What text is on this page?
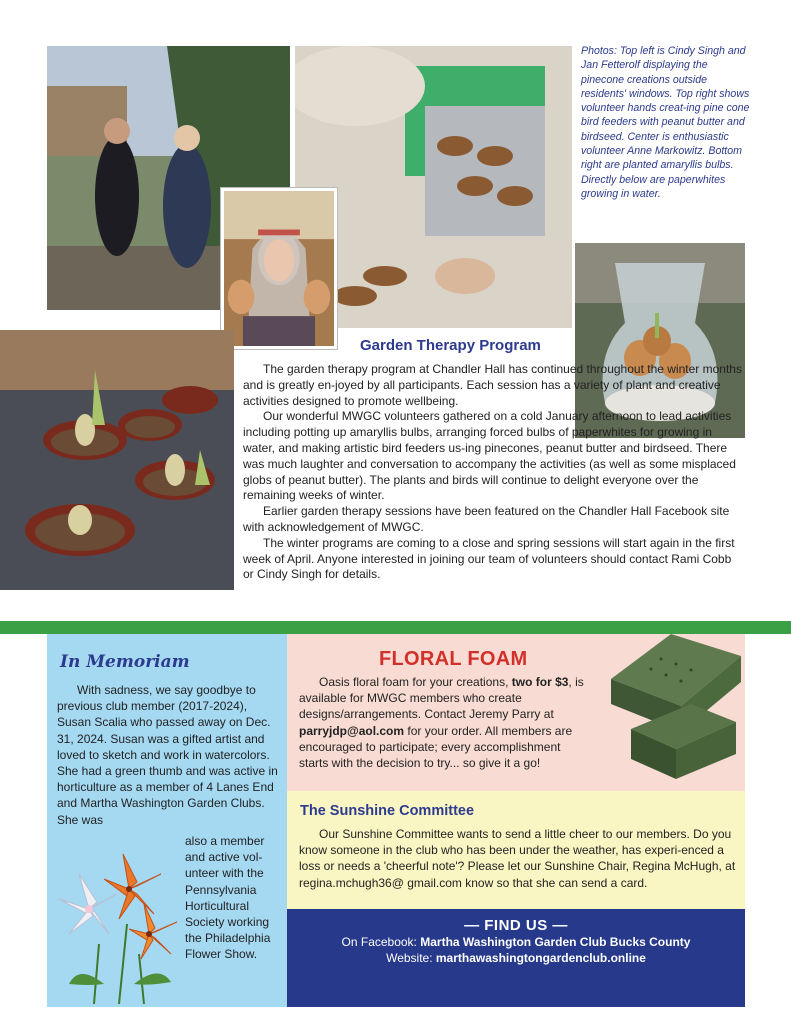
Photos: Top left is Cindy Singh and Jan Fetterolf displaying the pinecone creations outside residents' windows. Top right shows volunteer hands creat-ing pine cone bird feeders with peanut butter and birdseed. Center is enthusiastic volunteer Anne Markowitz. Bottom right are planted amaryllis bulbs. Directly below are paperwhites growing in water.
Garden Therapy Program

The garden therapy program at Chandler Hall has continued throughout the winter months and is greatly en-joyed by all participants. Each session has a variety of plant and creative activities designed to promote wellbeing.

Our wonderful MWGC volunteers gathered on a cold January afternoon to lead activities including potting up amaryllis bulbs, arranging forced bulbs of paperwhites for growing in water, and making artistic bird feeders us-ing pinecones, peanut butter and birdseed. There was much laughter and conversation to accompany the activities (as well as some misplaced globs of peanut butter). The plants and birds will continue to delight everyone over the remaining weeks of winter.

Earlier garden therapy sessions have been featured on the Chandler Hall Facebook site with acknowledgement of MWGC.

The winter programs are coming to a close and spring sessions will start again in the first week of April. Anyone interested in joining our team of volunteers should contact Rami Cobb or Cindy Singh for details.

In Memoriam
With sadness, we say goodbye to previous club member (2017-2024), Susan Scalia who passed away on Dec. 31, 2024. Susan was a gifted artist and loved to sketch and work in watercolors. She had a green thumb and was active in horticulture as a member of 4 Lanes End and Martha Washington Garden Clubs. She was
also a member and active vol-unteer with the Pennsylvania Horticultural Society working the Philadelphia Flower Show.
FLORAL FOAM
Oasis floral foam for your creations, two for $3, is available for MWGC members who create designs/arrangements. Contact Jeremy Parry at parryjdp@aol.com for your order. All members are encouraged to participate; every accomplishment starts with the decision to try... so give it a go!
The Sunshine Committee
Our Sunshine Committee wants to send a little cheer to our members. Do you know someone in the club who has been under the weather, has experi-enced a loss or needs a 'cheerful note'? Please let our Sunshine Chair, Regina McHugh, at regina.mchugh36@ gmail.com know so that she can send a card.
— FIND US —
On Facebook: Martha Washington Garden Club Bucks County
Website: marthawashingtongardenclub.online
